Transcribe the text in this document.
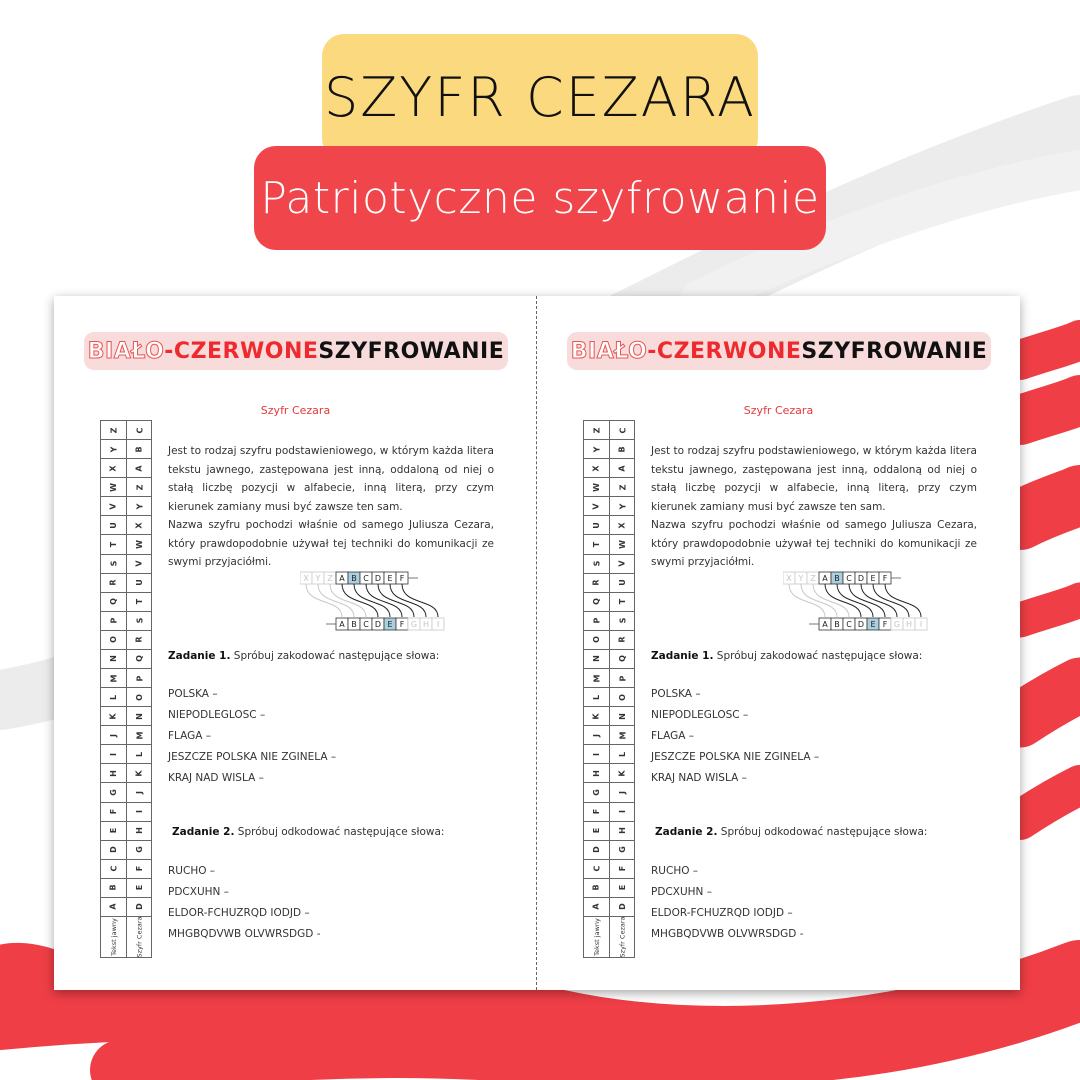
SZYFR CEZARA
Patriotyczne szyfrowanie
BIAŁO - CZERWONE SZYFROWANIE
Szyfr Cezara
Z
Y
X
W
V
U
T
S
R
Q
P
O
N
M
L
K
J
I
H
G
F
E
D
C
B
A
Tekst jawny
C
B
A
Z
Y
X
W
V
U
T
S
R
Q
P
O
N
M
L
K
J
I
H
G
F
E
D
Szyfr Cezara
Jest to rodzaj szyfru podstawieniowego, w którym każda litera tekstu jawnego, zastępowana jest inną, oddaloną od niej o stałą liczbę pozycji w alfabecie, inną literą, przy czym kierunek zamiany musi być zawsze ten sam.
Nazwa szyfru pochodzi właśnie od samego Juliusza Cezara, który prawdopodobnie używał tej techniki do komunikacji ze swymi przyjaciółmi.
X Y Z A B C D E F
A B C D E F G H I
Zadanie 1. Spróbuj zakodować następujące słowa:
POLSKA –
NIEPODLEGLOSC –
FLAGA –
JESZCZE POLSKA NIE ZGINELA –
KRAJ NAD WISLA –
Zadanie 2. Spróbuj odkodować następujące słowa:
RUCHO –
PDCXUHN –
ELDOR-FCHUZRQD IODJD –
MHGBQDVWB OLVWRSDGD -
BIAŁO - CZERWONE SZYFROWANIE
Szyfr Cezara
Z
Y
X
W
V
U
T
S
R
Q
P
O
N
M
L
K
J
I
H
G
F
E
D
C
B
A
Tekst jawny
C
B
A
Z
Y
X
W
V
U
T
S
R
Q
P
O
N
M
L
K
J
I
H
G
F
E
D
Szyfr Cezara
Jest to rodzaj szyfru podstawieniowego, w którym każda litera tekstu jawnego, zastępowana jest inną, oddaloną od niej o stałą liczbę pozycji w alfabecie, inną literą, przy czym kierunek zamiany musi być zawsze ten sam.
Nazwa szyfru pochodzi właśnie od samego Juliusza Cezara, który prawdopodobnie używał tej techniki do komunikacji ze swymi przyjaciółmi.
X Y Z A B C D E F
A B C D E F G H I
Zadanie 1. Spróbuj zakodować następujące słowa:
POLSKA –
NIEPODLEGLOSC –
FLAGA –
JESZCZE POLSKA NIE ZGINELA –
KRAJ NAD WISLA –
Zadanie 2. Spróbuj odkodować następujące słowa:
RUCHO –
PDCXUHN –
ELDOR-FCHUZRQD IODJD –
MHGBQDVWB OLVWRSDGD -
